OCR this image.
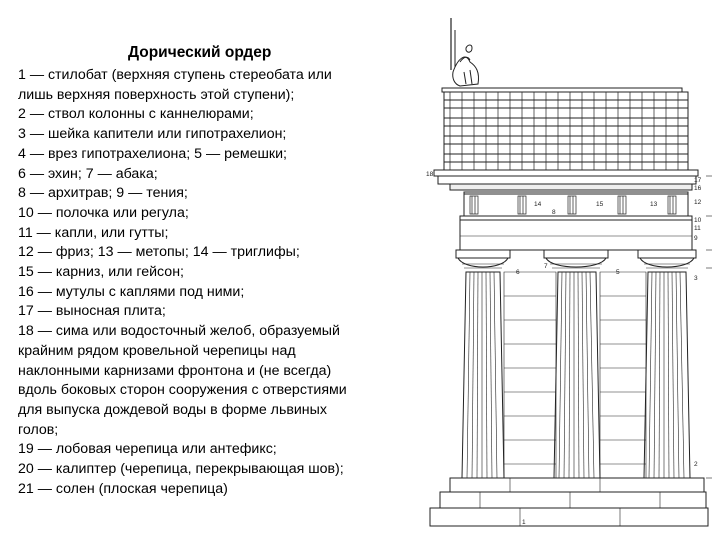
Дорический ордер
1 — стилобат (верхняя ступень стереобата или
лишь верхняя поверхность этой ступени);
2 — ствол колонны с каннелюрами;
3 — шейка капители или гипотрахелион;
4 — врез гипотрахелиона; 5 — ремешки;
6 — эхин; 7 — абака;
8 — архитрав; 9 — тения;
10 — полочка или регула;
11 — капли, или гутты;
12 — фриз; 13 — метопы; 14 — триглифы;
15 — карниз, или гейсон;
16 — мутулы с каплями под ними;
17 — выносная плита;
18 — сима или водосточный желоб, образуемый
крайним рядом кровельной черепицы над
наклонными карнизами фронтона и (не всегда)
вдоль боковых сторон сооружения с отверстиями
для выпуска дождевой воды в форме львиных
голов;
19 — лобовая черепица или антефикс;
20 — калиптер (черепица, перекрывающая шов);
21 — солен (плоская черепица)
18
17
16
15	12
14	13
8
10
11
9
7
6	5
3
2
1
